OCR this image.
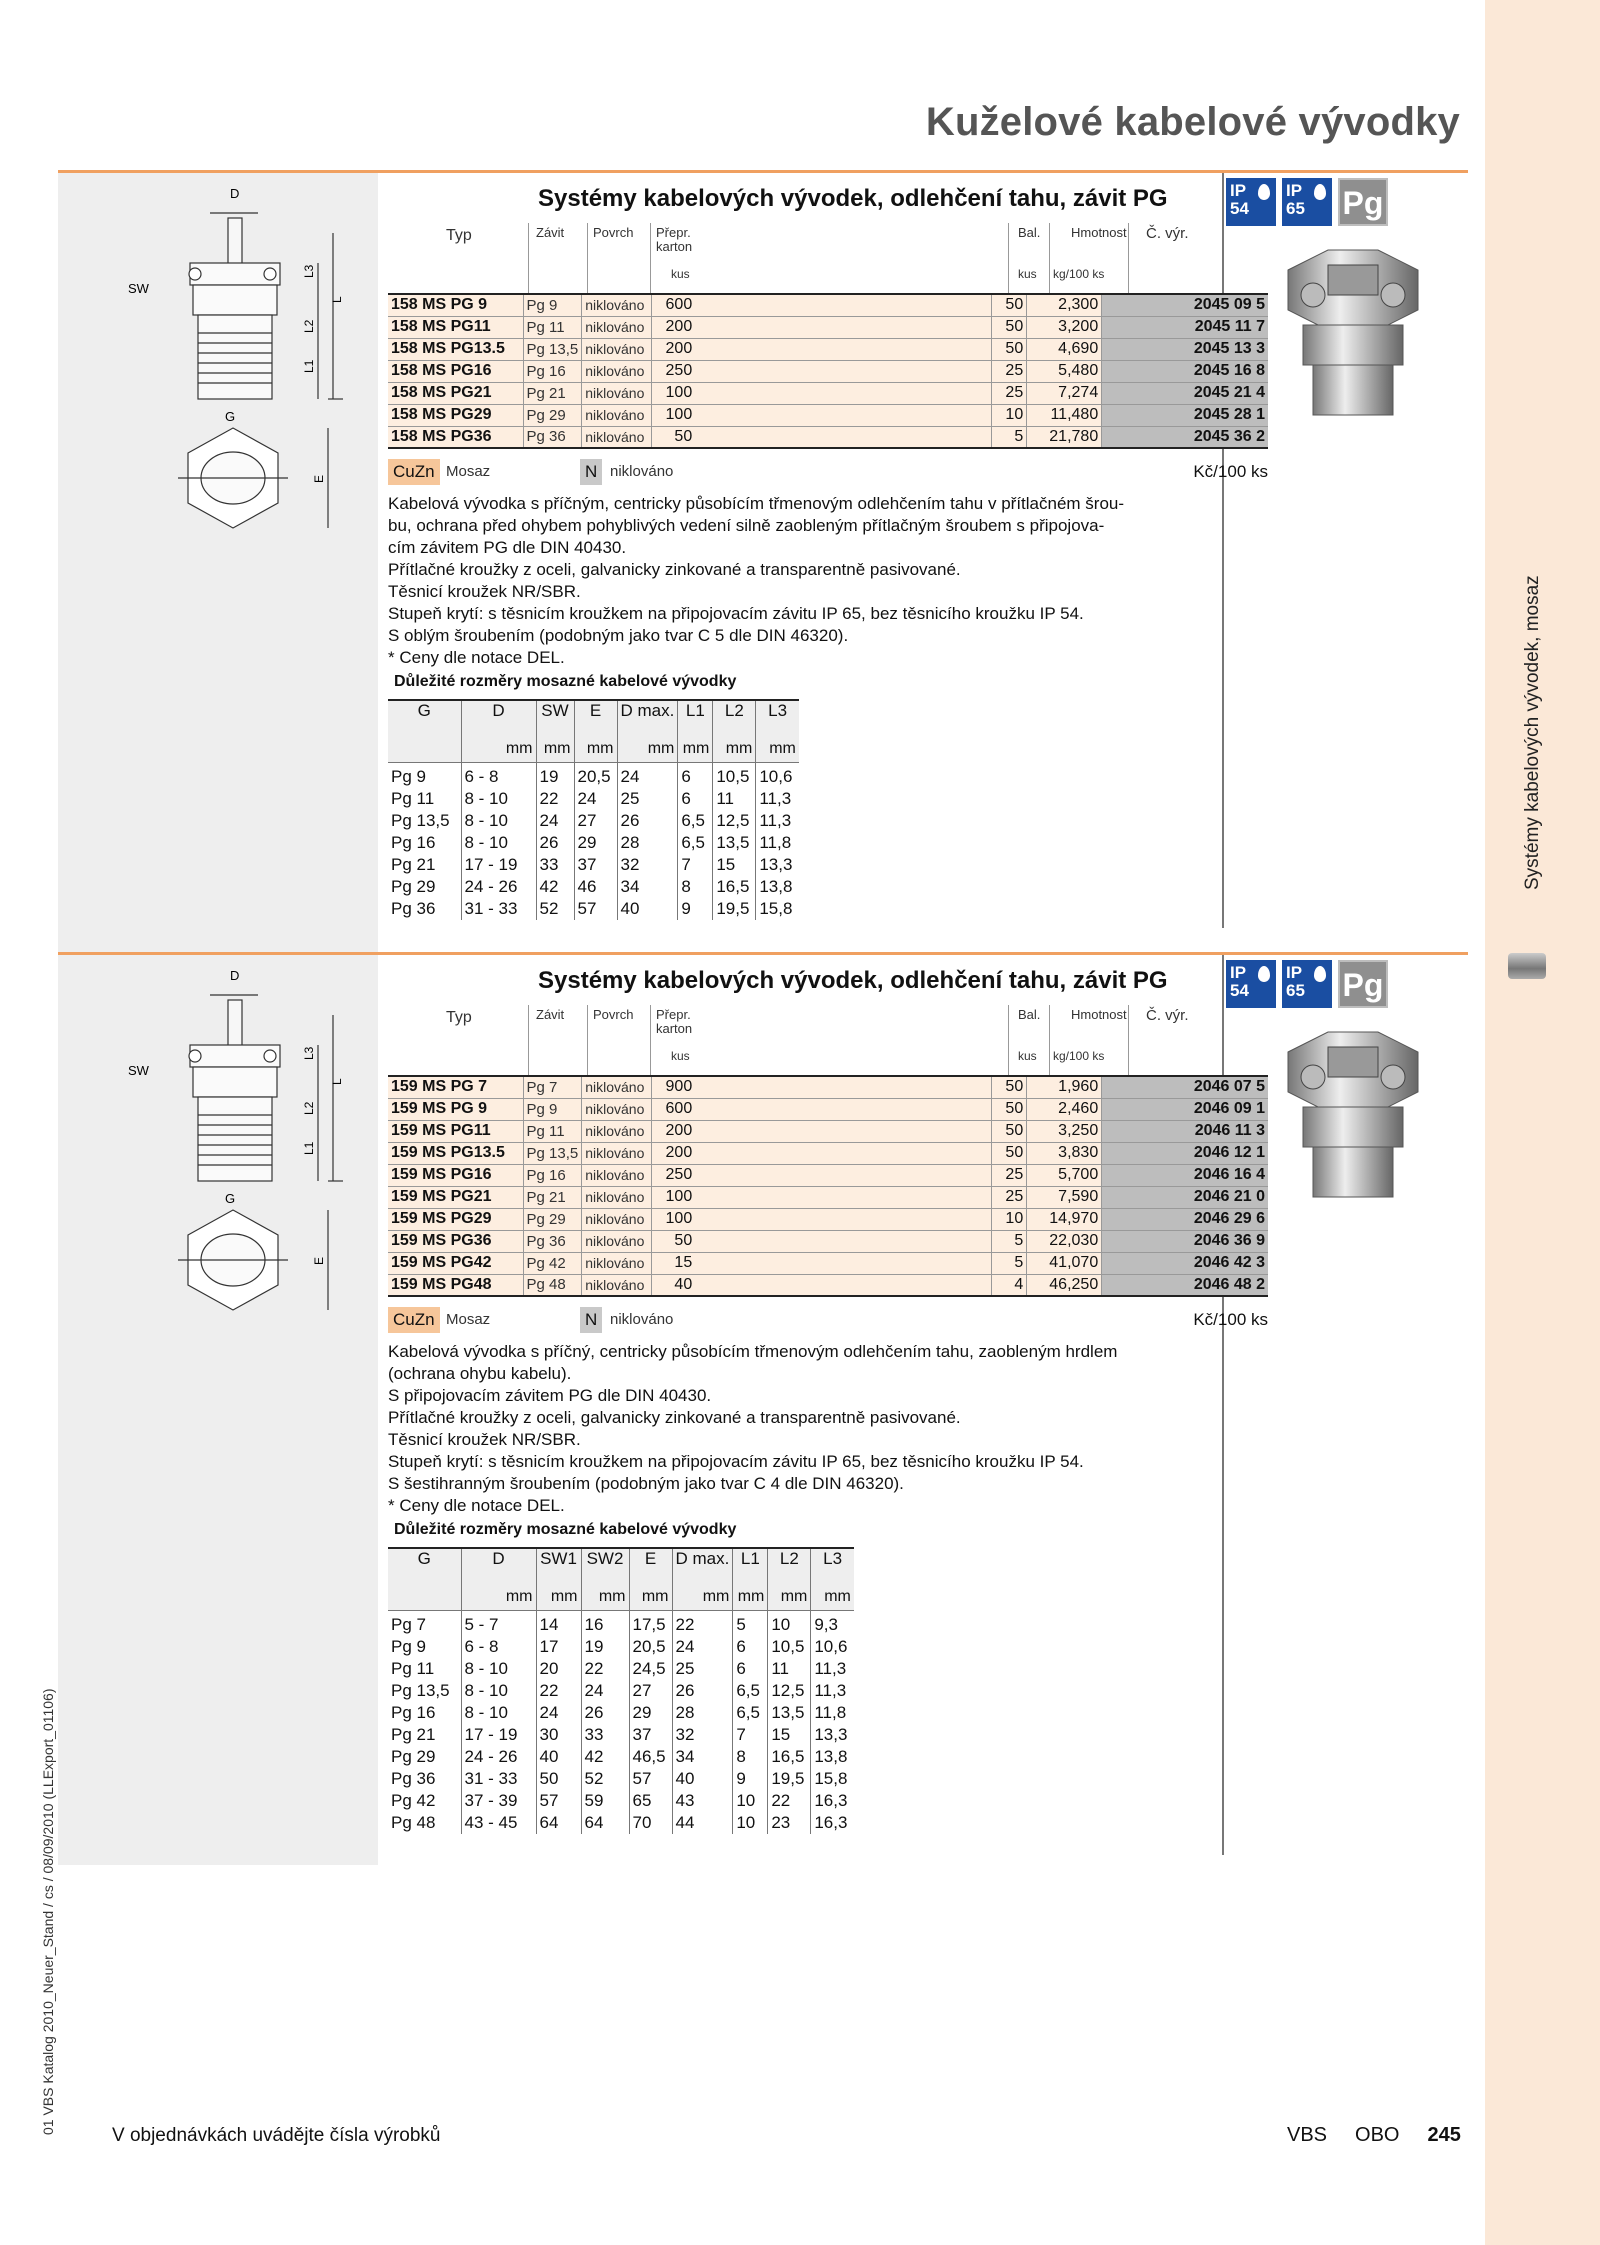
Systémy kabelových vývodek, mosaz
Kuželové kabelové vývodky
D
SW
G
L3
L2
L1
L
E
IP

54
IP

65	Pg
Systémy kabelových vývodek, odlehčení tahu, závit PG
Typ	Závit Povrch Přepr.
karton
kus
Bal. Hmotnost Č. výr.
kus kg/100 ks
158 MS PG 9	Pg 9	niklováno	600	50	2,300	2045 09 5
158 MS PG11	Pg 11	niklováno	200	50	3,200	2045 11 7
158 MS PG13.5	Pg 13,5	niklováno	200	50	4,690	2045 13 3
158 MS PG16	Pg 16	niklováno	250	25	5,480	2045 16 8
158 MS PG21	Pg 21	niklováno	100	25	7,274	2045 21 4
158 MS PG29	Pg 29	niklováno	100	10	11,480	2045 28 1
158 MS PG36	Pg 36	niklováno	50	5	21,780	2045 36 2
CuZn Mosaz	N niklováno	Kč/100 ks
Kabelová vývodka s příčným, centricky působícím třmenovým odlehčením tahu v přítlačném šrou-
bu, ochrana před ohybem pohyblivých vedení silně zaobleným přítlačným šroubem s připojova-
cím závitem PG dle DIN 40430.
Přítlačné kroužky z oceli, galvanicky zinkované a transparentně pasivované.
Těsnicí kroužek NR/SBR.
Stupeň krytí: s těsnicím kroužkem na připojovacím závitu IP 65, bez těsnicího kroužku IP 54.
S oblým šroubením (podobným jako tvar C 5 dle DIN 46320).
* Ceny dle notace DEL.
Důležité rozměry mosazné kabelové vývodky
G	D	SW	E	D max.	L1	L2	L3
	mm	mm	mm	mm	mm	mm	mm
Pg 9	6 - 8	19	20,5	24	6	10,5	10,6
Pg 11	8 - 10	22	24	25	6	11	11,3
Pg 13,5	8 - 10	24	27	26	6,5	12,5	11,3
Pg 16	8 - 10	26	29	28	6,5	13,5	11,8
Pg 21	17 - 19	33	37	32	7	15	13,3
Pg 29	24 - 26	42	46	34	8	16,5	13,8
Pg 36	31 - 33	52	57	40	9	19,5	15,8
D
SW
G
L3
L2
L1
L
E
IP

54
IP

65	Pg
Systémy kabelových vývodek, odlehčení tahu, závit PG
Typ	Závit Povrch Přepr.
karton
kus
Bal. Hmotnost Č. výr.
kus kg/100 ks
159 MS PG 7	Pg 7	niklováno	900	50	1,960	2046 07 5
159 MS PG 9	Pg 9	niklováno	600	50	2,460	2046 09 1
159 MS PG11	Pg 11	niklováno	200	50	3,250	2046 11 3
159 MS PG13.5	Pg 13,5	niklováno	200	50	3,830	2046 12 1
159 MS PG16	Pg 16	niklováno	250	25	5,700	2046 16 4
159 MS PG21	Pg 21	niklováno	100	25	7,590	2046 21 0
159 MS PG29	Pg 29	niklováno	100	10	14,970	2046 29 6
159 MS PG36	Pg 36	niklováno	50	5	22,030	2046 36 9
159 MS PG42	Pg 42	niklováno	15	5	41,070	2046 42 3
159 MS PG48	Pg 48	niklováno	40	4	46,250	2046 48 2
CuZn Mosaz	N niklováno	Kč/100 ks
Kabelová vývodka s příčný, centricky působícím třmenovým odlehčením tahu, zaobleným hrdlem
(ochrana ohybu kabelu).
S připojovacím závitem PG dle DIN 40430.
Přítlačné kroužky z oceli, galvanicky zinkované a transparentně pasivované.
Těsnicí kroužek NR/SBR.
Stupeň krytí: s těsnicím kroužkem na připojovacím závitu IP 65, bez těsnicího kroužku IP 54.
S šestihranným šroubením (podobným jako tvar C 4 dle DIN 46320).
* Ceny dle notace DEL.
Důležité rozměry mosazné kabelové vývodky
G	D	SW1	SW2	E	D max.	L1	L2	L3
	mm	mm	mm	mm	mm	mm	mm	mm
Pg 7	5 - 7	14	16	17,5	22	5	10	9,3
Pg 9	6 - 8	17	19	20,5	24	6	10,5	10,6
Pg 11	8 - 10	20	22	24,5	25	6	11	11,3
Pg 13,5	8 - 10	22	24	27	26	6,5	12,5	11,3
Pg 16	8 - 10	24	26	29	28	6,5	13,5	11,8
Pg 21	17 - 19	30	33	37	32	7	15	13,3
Pg 29	24 - 26	40	42	46,5	34	8	16,5	13,8
Pg 36	31 - 33	50	52	57	40	9	19,5	15,8
Pg 42	37 - 39	57	59	65	43	10	22	16,3
Pg 48	43 - 45	64	64	70	44	10	23	16,3
01 VBS Katalog 2010_Neuer_Stand / cs / 08/09/2010 (LLExport_01106)
V objednávkách uvádějte čísla výrobků	VBS OBO 245
